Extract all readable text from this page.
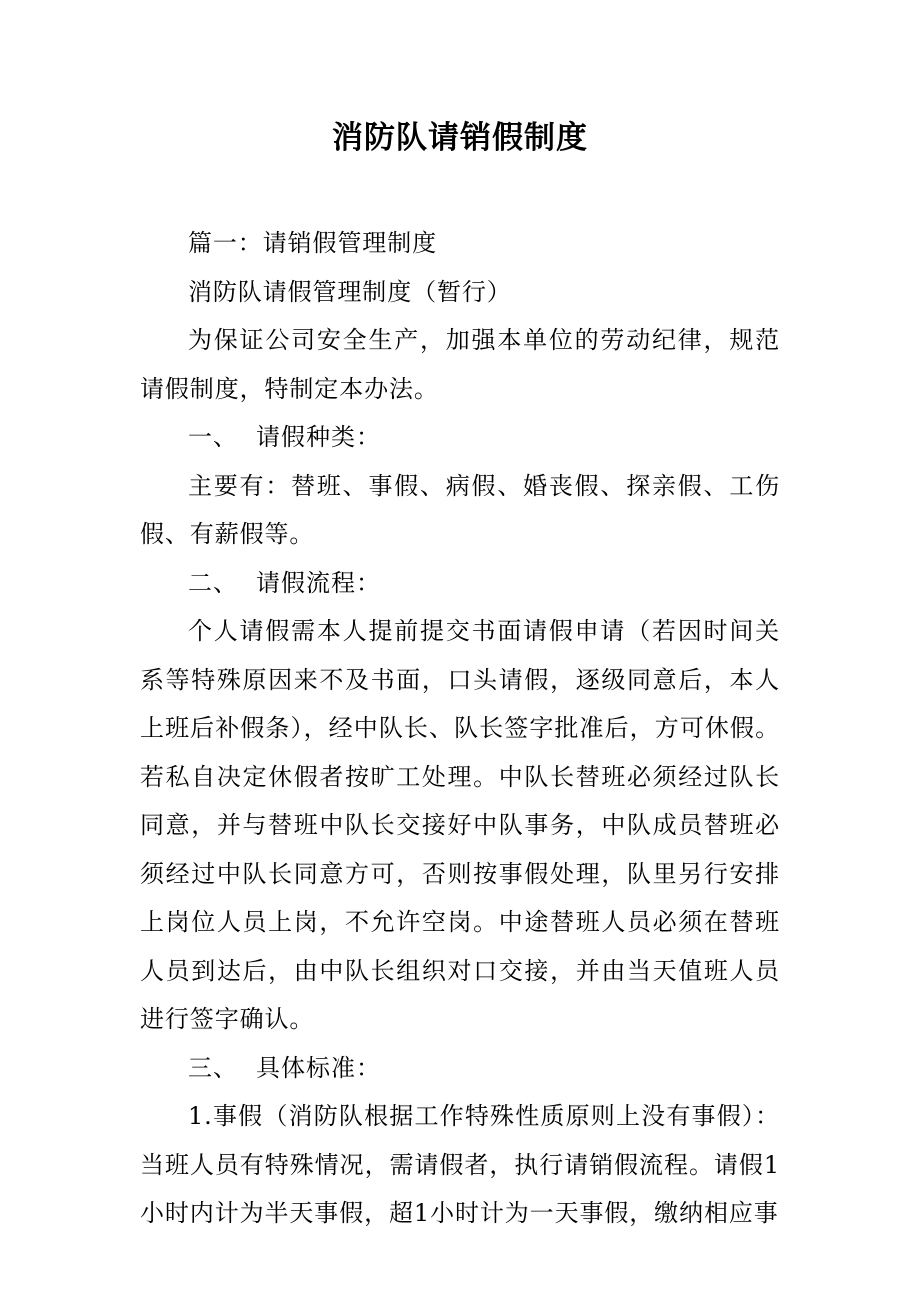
消防队请销假制度

篇一：请销假管理制度

消防队请假管理制度（暂行）

为保证公司安全生产，加强本单位的劳动纪律，规范请假制度，特制定本办法。

一、 请假种类：

主要有：替班、事假、病假、婚丧假、探亲假、工伤假、有薪假等。

二、 请假流程：

个人请假需本人提前提交书面请假申请（若因时间关系等特殊原因来不及书面，口头请假，逐级同意后，本人上班后补假条），经中队长、队长签字批准后，方可休假。若私自决定休假者按旷工处理。中队长替班必须经过队长同意，并与替班中队长交接好中队事务，中队成员替班必须经过中队长同意方可，否则按事假处理，队里另行安排上岗位人员上岗，不允许空岗。中途替班人员必须在替班人员到达后，由中队长组织对口交接，并由当天值班人员进行签字确认。

三、 具体标准：

1.事假（消防队根据工作特殊性质原则上没有事假）：当班人员有特殊情况，需请假者，执行请销假流程。请假1小时内计为半天事假，超1小时计为一天事假，缴纳相应事
